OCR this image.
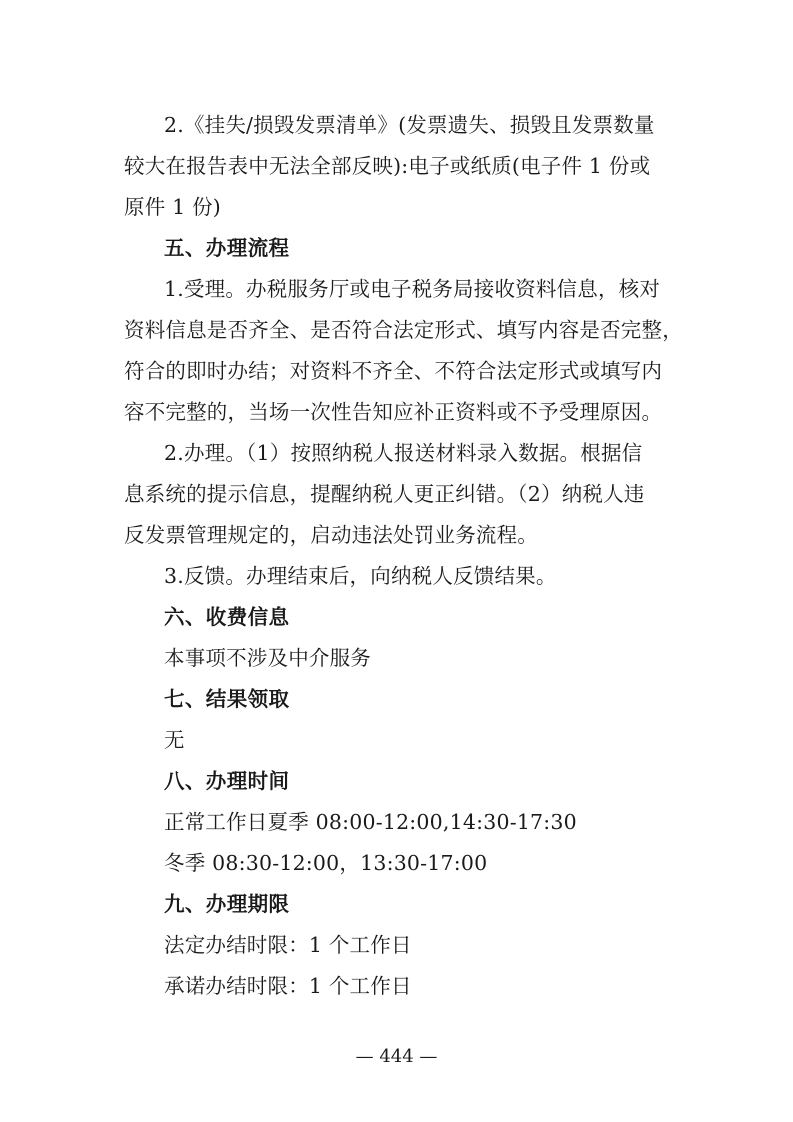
2.《挂失/损毁发票清单》(发票遗失、损毁且发票数量
较大在报告表中无法全部反映):电子或纸质(电子件 1 份或
原件 1 份)
五、办理流程
1.受理。办税服务厅或电子税务局接收资料信息，核对
资料信息是否齐全、是否符合法定形式、填写内容是否完整，
符合的即时办结；对资料不齐全、不符合法定形式或填写内
容不完整的，当场一次性告知应补正资料或不予受理原因。
2.办理。（1）按照纳税人报送材料录入数据。根据信
息系统的提示信息，提醒纳税人更正纠错。（2）纳税人违
反发票管理规定的，启动违法处罚业务流程。
3.反馈。办理结束后，向纳税人反馈结果。
六、收费信息
本事项不涉及中介服务
七、结果领取
无
八、办理时间
正常工作日夏季 08:00-12:00,14:30-17:30
冬季 08:30-12:00，13:30-17:00
九、办理期限
法定办结时限：1 个工作日
承诺办结时限：1 个工作日
— 444 —
